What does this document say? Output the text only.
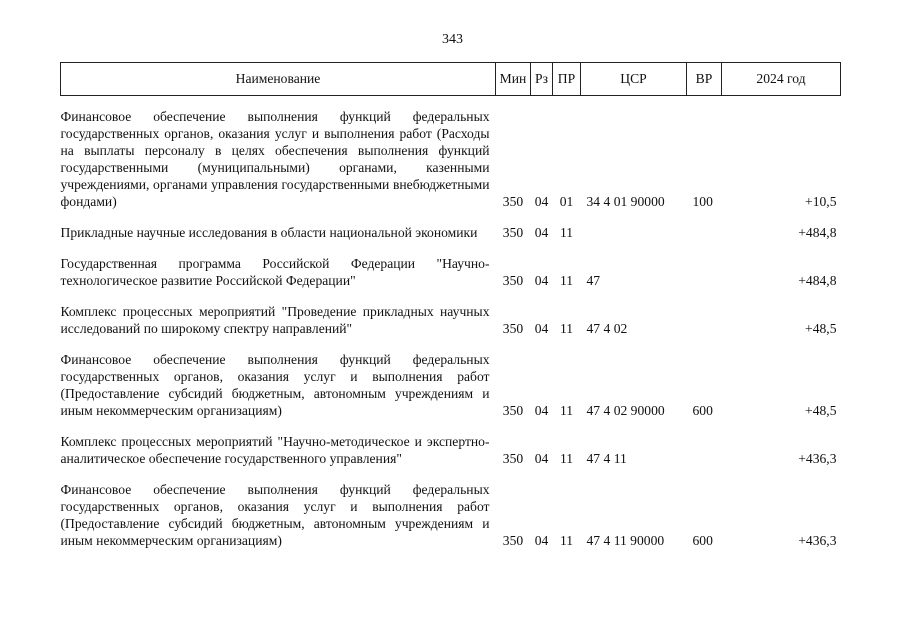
343
Наименование	Мин	Рз	ПР	ЦСР	ВР	2024 год

Финансовое обеспечение выполнения функций федеральных государственных органов, оказания услуг и выполнения работ (Расходы на выплаты персоналу в целях обеспечения выполнения функций государственными (муниципальными) органами, казенными учреждениями, органами управления государственными внебюджетными фондами)	350	04	01	34 4 01 90000	100	+10,5

Прикладные научные исследования в области национальной экономики	350	04	11			+484,8

Государственная программа Российской Федерации "Научно-технологическое развитие Российской Федерации"	350	04	11	47		+484,8

Комплекс процессных мероприятий "Проведение прикладных научных исследований по широкому спектру направлений"	350	04	11	47 4 02		+48,5

Финансовое обеспечение выполнения функций федеральных государственных органов, оказания услуг и выполнения работ (Предоставление субсидий бюджетным, автономным учреждениям и иным некоммерческим организациям)	350	04	11	47 4 02 90000	600	+48,5

Комплекс процессных мероприятий "Научно-методическое и экспертно-аналитическое обеспечение государственного управления"	350	04	11	47 4 11		+436,3

Финансовое обеспечение выполнения функций федеральных государственных органов, оказания услуг и выполнения работ (Предоставление субсидий бюджетным, автономным учреждениям и иным некоммерческим организациям)	350	04	11	47 4 11 90000	600	+436,3
